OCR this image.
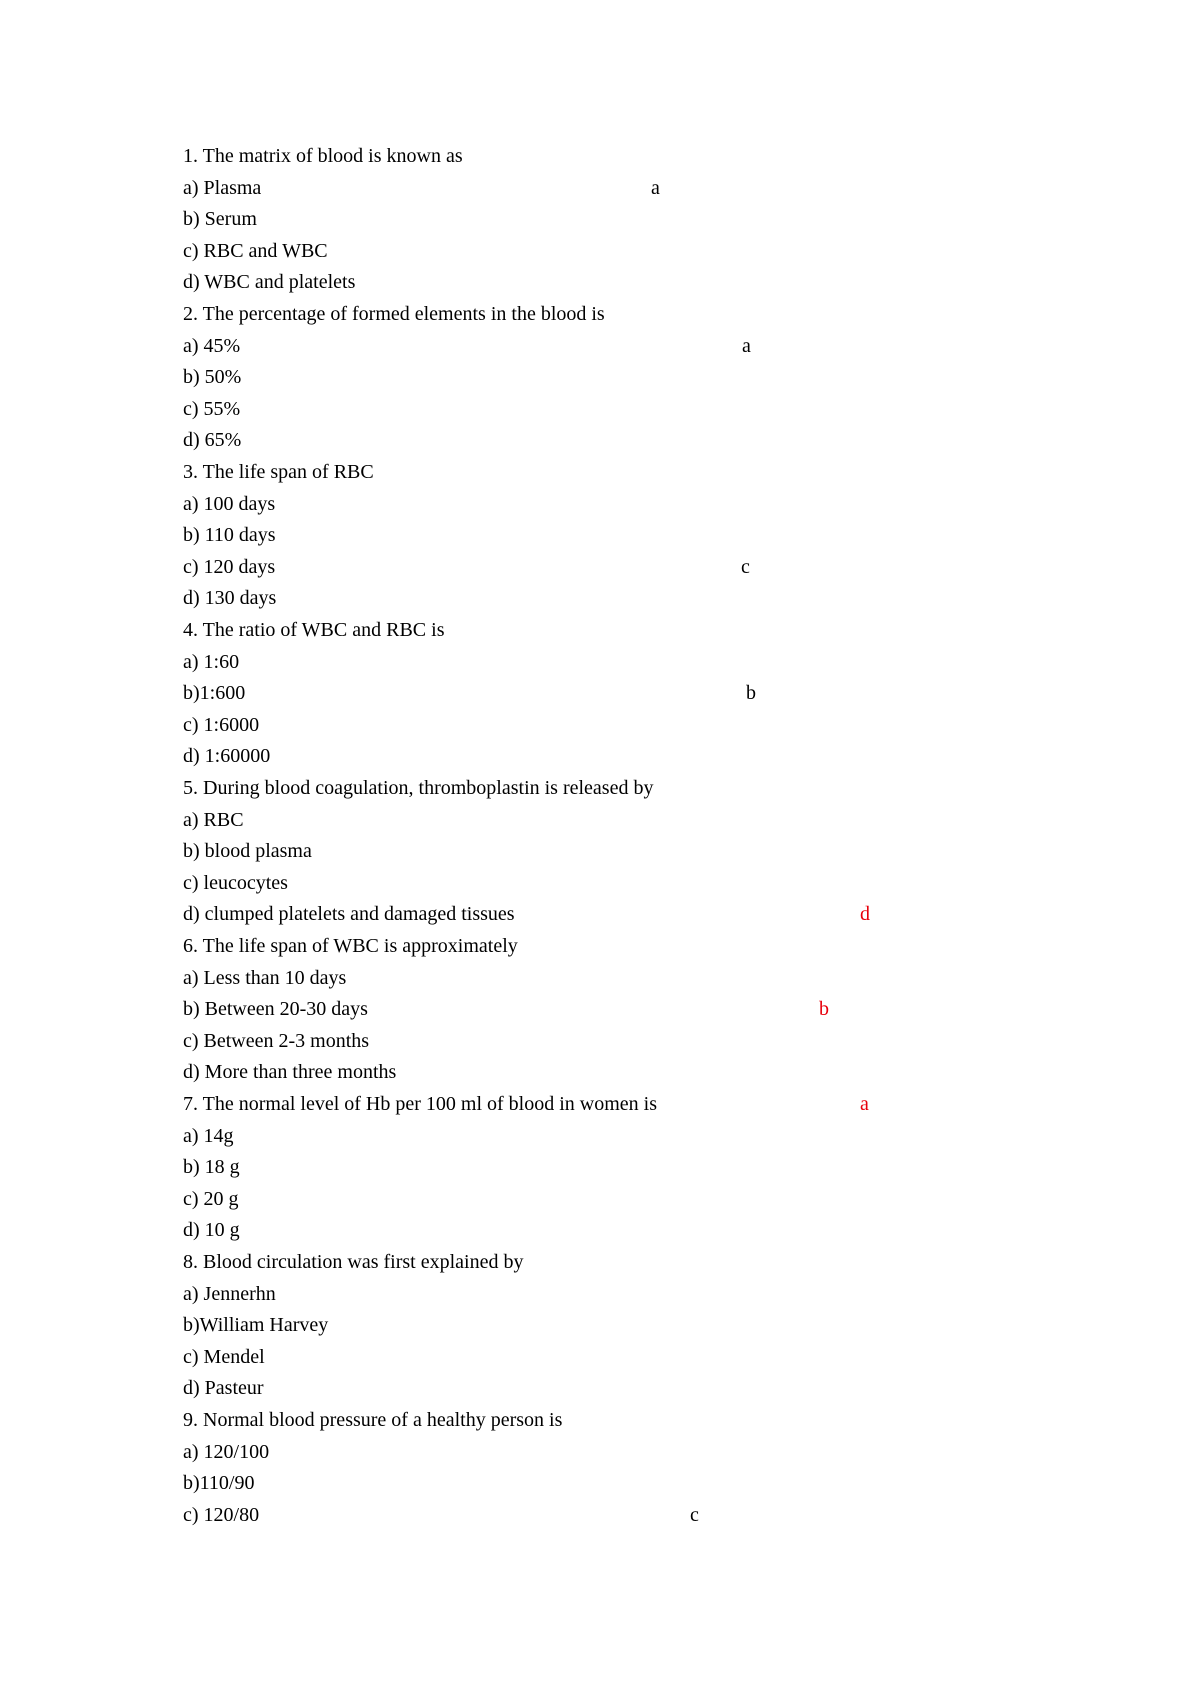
1. The matrix of blood is known as
a) Plasma
b) Serum
c) RBC and WBC
d) WBC and platelets
2. The percentage of formed elements in the blood is
a) 45%
b) 50%
c) 55%
d) 65%
3. The life span of RBC
a) 100 days
b) 110 days
c) 120 days
d) 130 days
4. The ratio of WBC and RBC is
a) 1:60
b)1:600
c) 1:6000
d) 1:60000
5. During blood coagulation, thromboplastin is released by
a) RBC
b) blood plasma
c) leucocytes
d) clumped platelets and damaged tissues
6. The life span of WBC is approximately
a) Less than 10 days
b) Between 20-30 days
c) Between 2-3 months
d) More than three months
7. The normal level of Hb per 100 ml of blood in women is
a) 14g
b) 18 g
c) 20 g
d) 10 g
8. Blood circulation was first explained by
a) Jennerhn
b)William Harvey
c) Mendel
d) Pasteur
9. Normal blood pressure of a healthy person is
a) 120/100
b)110/90
c) 120/80
a
a
c
b
d
b
a
c
